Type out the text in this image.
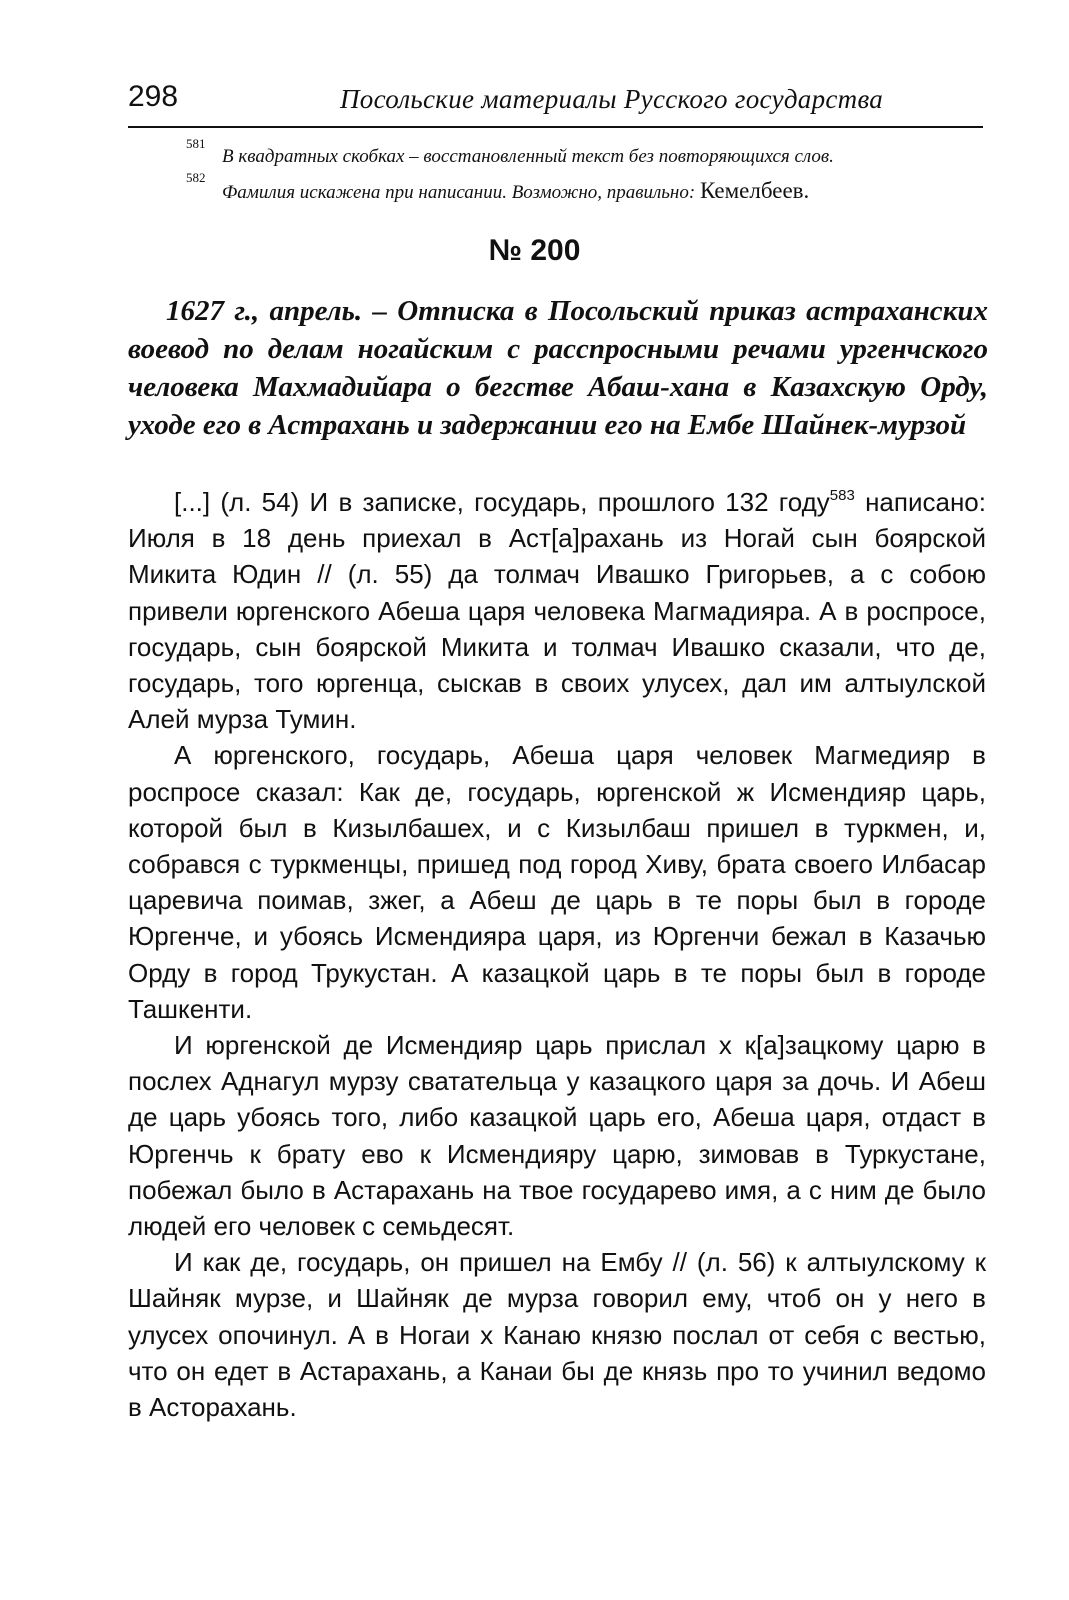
298	Посольские материалы Русского государства
581
В квадратных скобках – восстановленный текст без повторяющихся слов.
582
Фамилия искажена при написании. Возможно, правильно: Кемелбеев.
№ 200
1627 г., апрель. – Отписка в Посольский приказ астраханских воевод по делам ногайским с расспросными речами ургенчского человека Махмадийара о бегстве Абаш-хана в Казахскую Орду, уходе его в Астрахань и задержании его на Ембе Шайнек-мурзой

[...] (л. 54) И в записке, государь, прошлого 132 году$^{583}$ написано: Июля в 18 день приехал в Аст[а]рахань из Ногай сын боярской Микита Юдин // (л. 55) да толмач Ивашко Григорьев, а с собою привели юргенского Абеша царя человека Магмадияра. А в роспросе, государь, сын боярской Микита и толмач Ивашко сказали, что де, государь, того юргенца, сыскав в своих улусех, дал им алтыулской Алей мурза Тумин.

А юргенского, государь, Абеша царя человек Магмедияр в роспросе сказал: Как де, государь, юргенской ж Исмендияр царь, которой был в Кизылбашех, и с Кизылбаш пришел в туркмен, и, собрався с туркменцы, пришед под город Хиву, брата своего Илбасар царевича поимав, зжег, а Абеш де царь в те поры был в городе Юргенче, и убоясь Исмендияра царя, из Юргенчи бежал в Казачью Орду в город Трукустан. А казацкой царь в те поры был в городе Ташкенти.

И юргенской де Исмендияр царь прислал х к[а]зацкому царю в послех Аднагул мурзу сватательца у казацкого царя за дочь. И Абеш де царь убоясь того, либо казацкой царь его, Абеша царя, отдаст в Юргенчь к брату ево к Исмендияру царю, зимовав в Туркустане, побежал было в Астарахань на твое государево имя, а с ним де было людей его человек с семьдесят.

И как де, государь, он пришел на Ембу // (л. 56) к алтыулскому к Шайняк мурзе, и Шайняк де мурза говорил ему, чтоб он у него в улусех опочинул. А в Ногаи х Канаю князю послал от себя с вестью, что он едет в Астарахань, а Канаи бы де князь про то учинил ведомо в Асторахань.
